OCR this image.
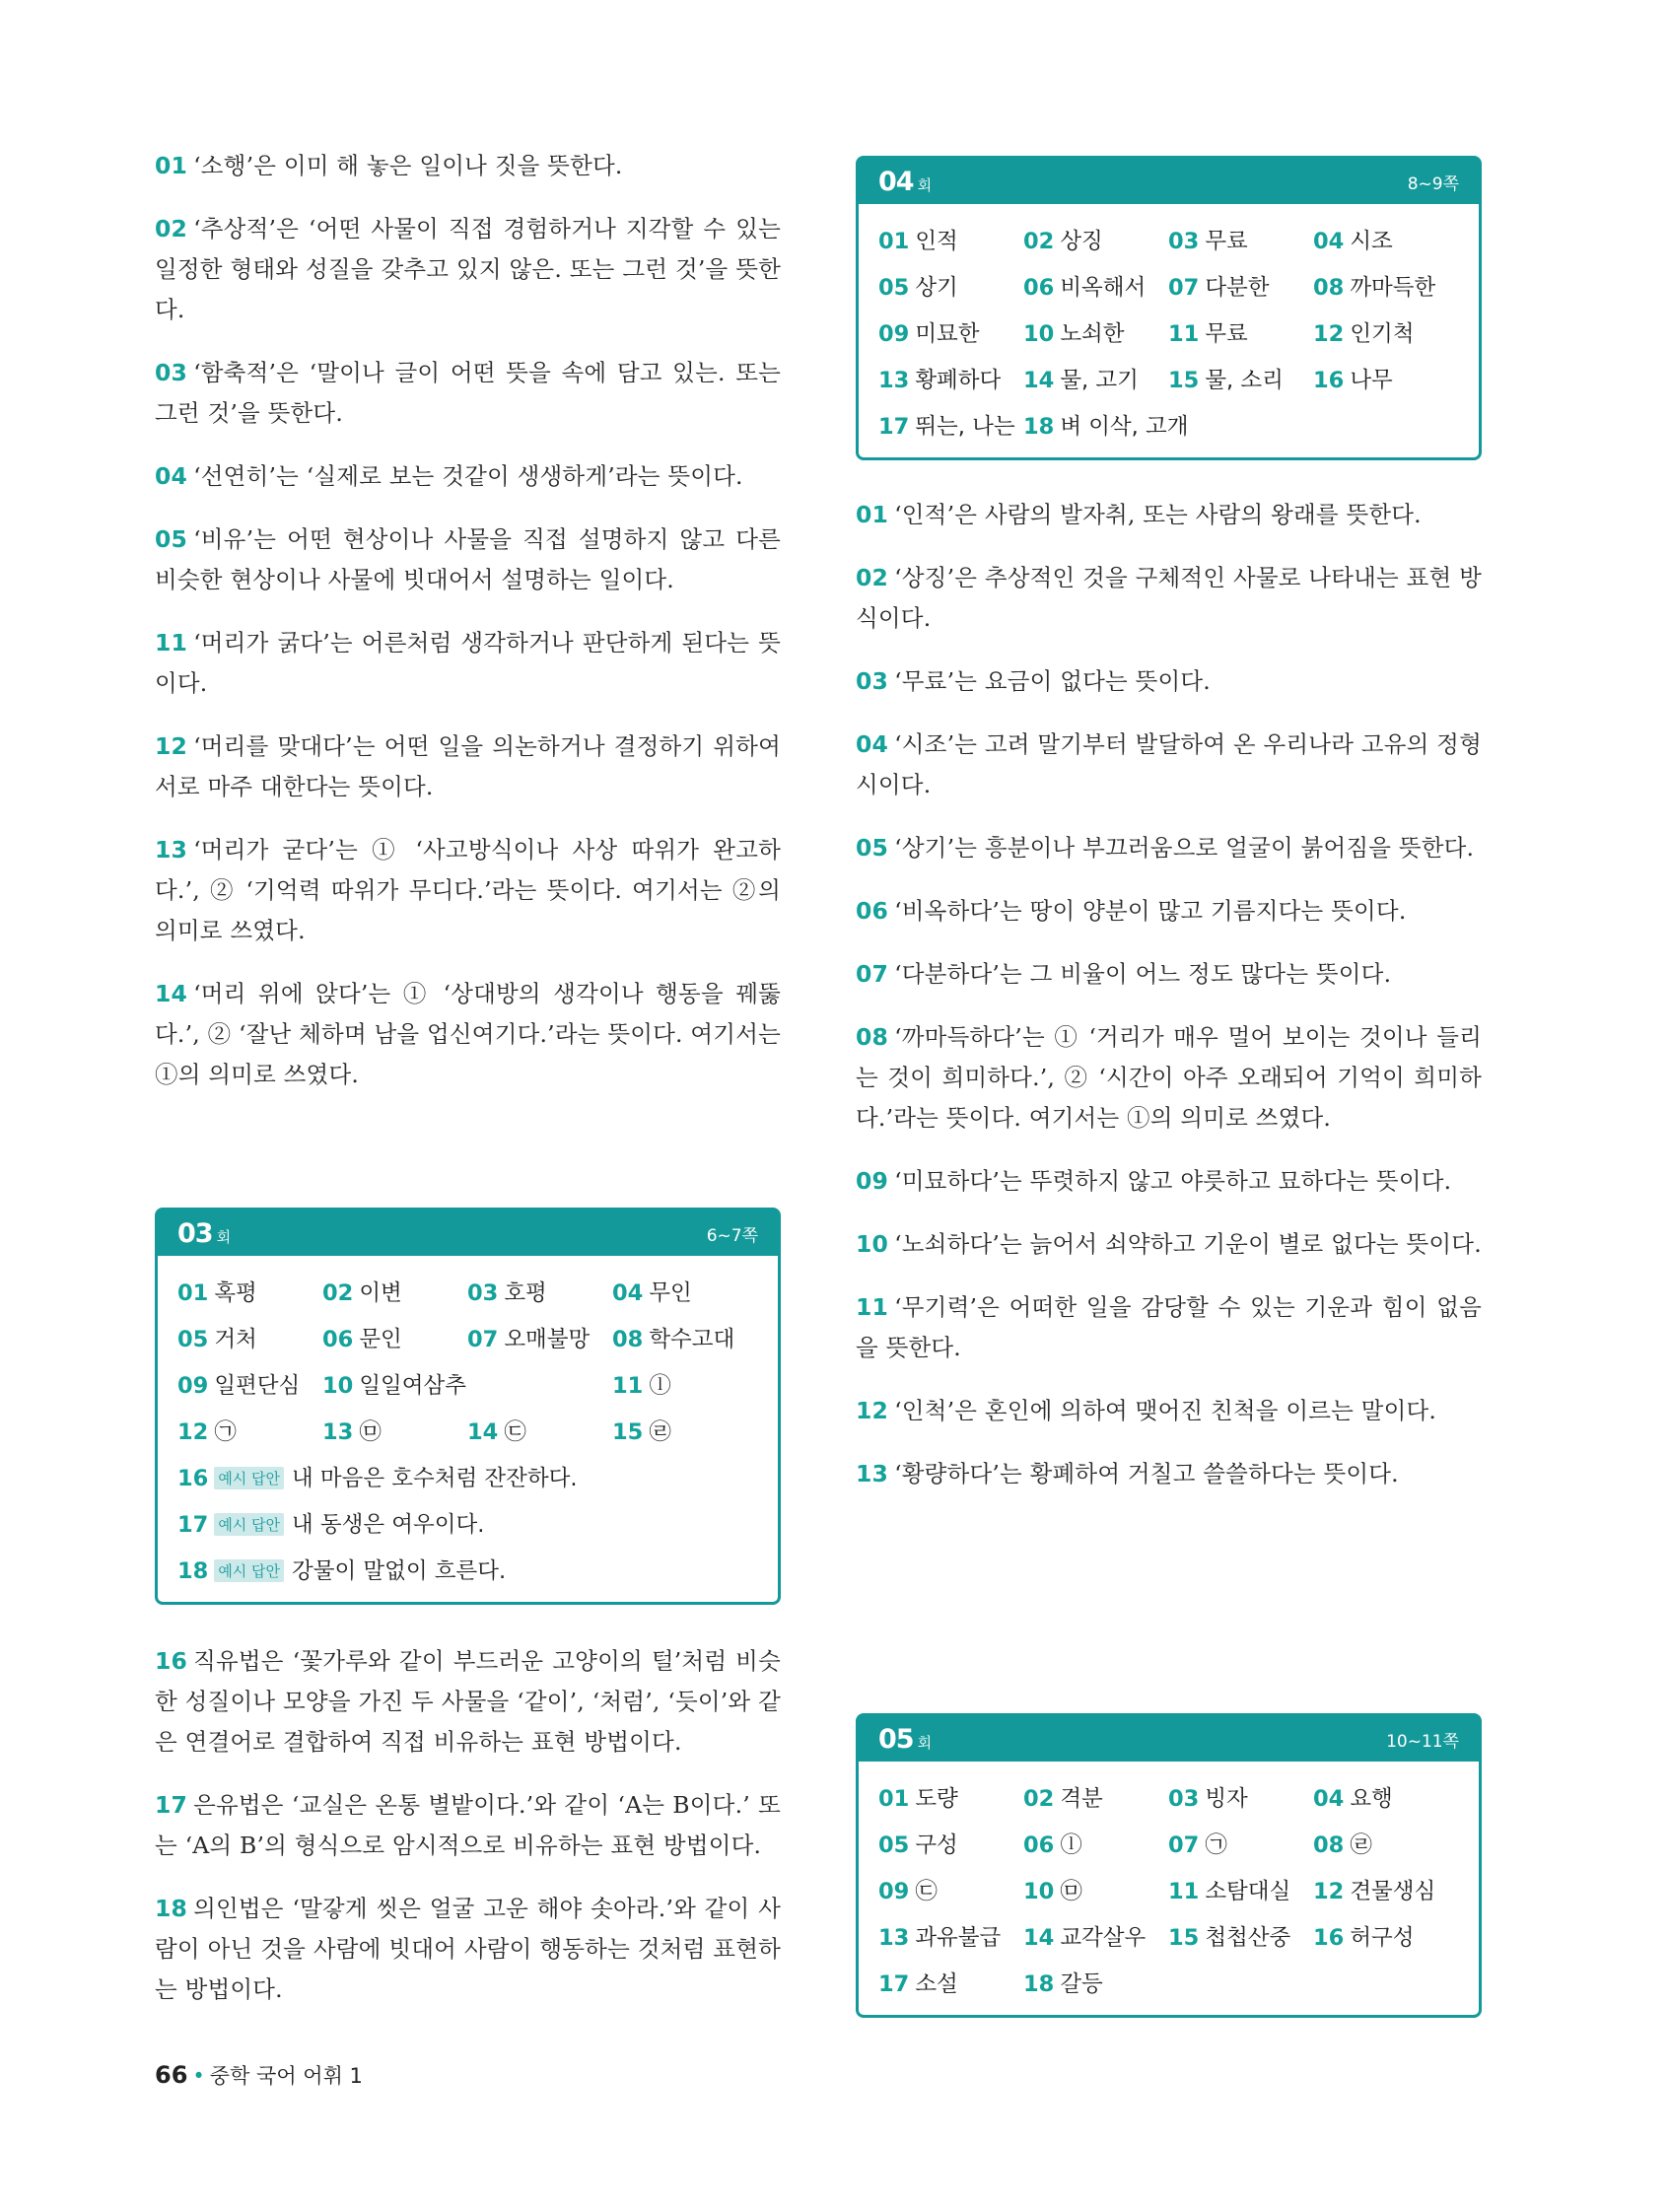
01 ‘소행’은 이미 해 놓은 일이나 짓을 뜻한다.

02 ‘추상적’은 ‘어떤 사물이 직접 경험하거나 지각할 수 있는 일정한 형태와 성질을 갖추고 있지 않은. 또는 그런 것’을 뜻한다.

03 ‘함축적’은 ‘말이나 글이 어떤 뜻을 속에 담고 있는. 또는 그런 것’을 뜻한다.

04 ‘선연히’는 ‘실제로 보는 것같이 생생하게’라는 뜻이다.

05 ‘비유’는 어떤 현상이나 사물을 직접 설명하지 않고 다른 비슷한 현상이나 사물에 빗대어서 설명하는 일이다.

11 ‘머리가 굵다’는 어른처럼 생각하거나 판단하게 된다는 뜻이다.

12 ‘머리를 맞대다’는 어떤 일을 의논하거나 결정하기 위하여 서로 마주 대한다는 뜻이다.

13 ‘머리가 굳다’는 ① ‘사고방식이나 사상 따위가 완고하다.’, ② ‘기억력 따위가 무디다.’라는 뜻이다. 여기서는 ②의 의미로 쓰였다.

14 ‘머리 위에 앉다’는 ① ‘상대방의 생각이나 행동을 꿰뚫다.’, ② ‘잘난 체하며 남을 업신여기다.’라는 뜻이다. 여기서는 ①의 의미로 쓰였다.

03 회	6~7쪽
01 혹평	02 이변	03 호평	04 무인
05 거처	06 문인	07 오매불망	08 학수고대
09 일편단심	10 일일여삼추	11 ⓛ
12 ㉠	13 ㉤	14 ㉢	15 ㉣
16 예시 답안 내 마음은 호수처럼 잔잔하다.
17 예시 답안 내 동생은 여우이다.
18 예시 답안 강물이 말없이 흐른다.

16 직유법은 ‘꽃가루와 같이 부드러운 고양이의 털’처럼 비슷한 성질이나 모양을 가진 두 사물을 ‘같이’, ‘처럼’, ‘듯이’와 같은 연결어로 결합하여 직접 비유하는 표현 방법이다.

17 은유법은 ‘교실은 온통 별밭이다.’와 같이 ‘A는 B이다.’ 또는 ‘A의 B’의 형식으로 암시적으로 비유하는 표현 방법이다.

18 의인법은 ‘말갛게 씻은 얼굴 고운 해야 솟아라.’와 같이 사람이 아닌 것을 사람에 빗대어 사람이 행동하는 것처럼 표현하는 방법이다.

04 회	8~9쪽
01 인적	02 상징	03 무료	04 시조
05 상기	06 비옥해서	07 다분한	08 까마득한
09 미묘한	10 노쇠한	11 무료	12 인기척
13 황폐하다	14 물, 고기	15 물, 소리	16 나무
17 뛰는, 나는 18 벼 이삭, 고개

01 ‘인적’은 사람의 발자취, 또는 사람의 왕래를 뜻한다.

02 ‘상징’은 추상적인 것을 구체적인 사물로 나타내는 표현 방식이다.

03 ‘무료’는 요금이 없다는 뜻이다.

04 ‘시조’는 고려 말기부터 발달하여 온 우리나라 고유의 정형시이다.

05 ‘상기’는 흥분이나 부끄러움으로 얼굴이 붉어짐을 뜻한다.

06 ‘비옥하다’는 땅이 양분이 많고 기름지다는 뜻이다.

07 ‘다분하다’는 그 비율이 어느 정도 많다는 뜻이다.

08 ‘까마득하다’는 ① ‘거리가 매우 멀어 보이는 것이나 들리는 것이 희미하다.’, ② ‘시간이 아주 오래되어 기억이 희미하다.’라는 뜻이다. 여기서는 ①의 의미로 쓰였다.

09 ‘미묘하다’는 뚜렷하지 않고 야릇하고 묘하다는 뜻이다.

10 ‘노쇠하다’는 늙어서 쇠약하고 기운이 별로 없다는 뜻이다.

11 ‘무기력’은 어떠한 일을 감당할 수 있는 기운과 힘이 없음을 뜻한다.

12 ‘인척’은 혼인에 의하여 맺어진 친척을 이르는 말이다.

13 ‘황량하다’는 황폐하여 거칠고 쓸쓸하다는 뜻이다.

05 회	10~11쪽
01 도량	02 격분	03 빙자	04 요행
05 구성	06 ⓛ	07 ㉠	08 ㉣
09 ㉢	10 ㉤	11 소탐대실	12 견물생심
13 과유불급	14 교각살우	15 첩첩산중	16 허구성
17 소설	18 갈등
66 • 중학 국어 어휘 1
